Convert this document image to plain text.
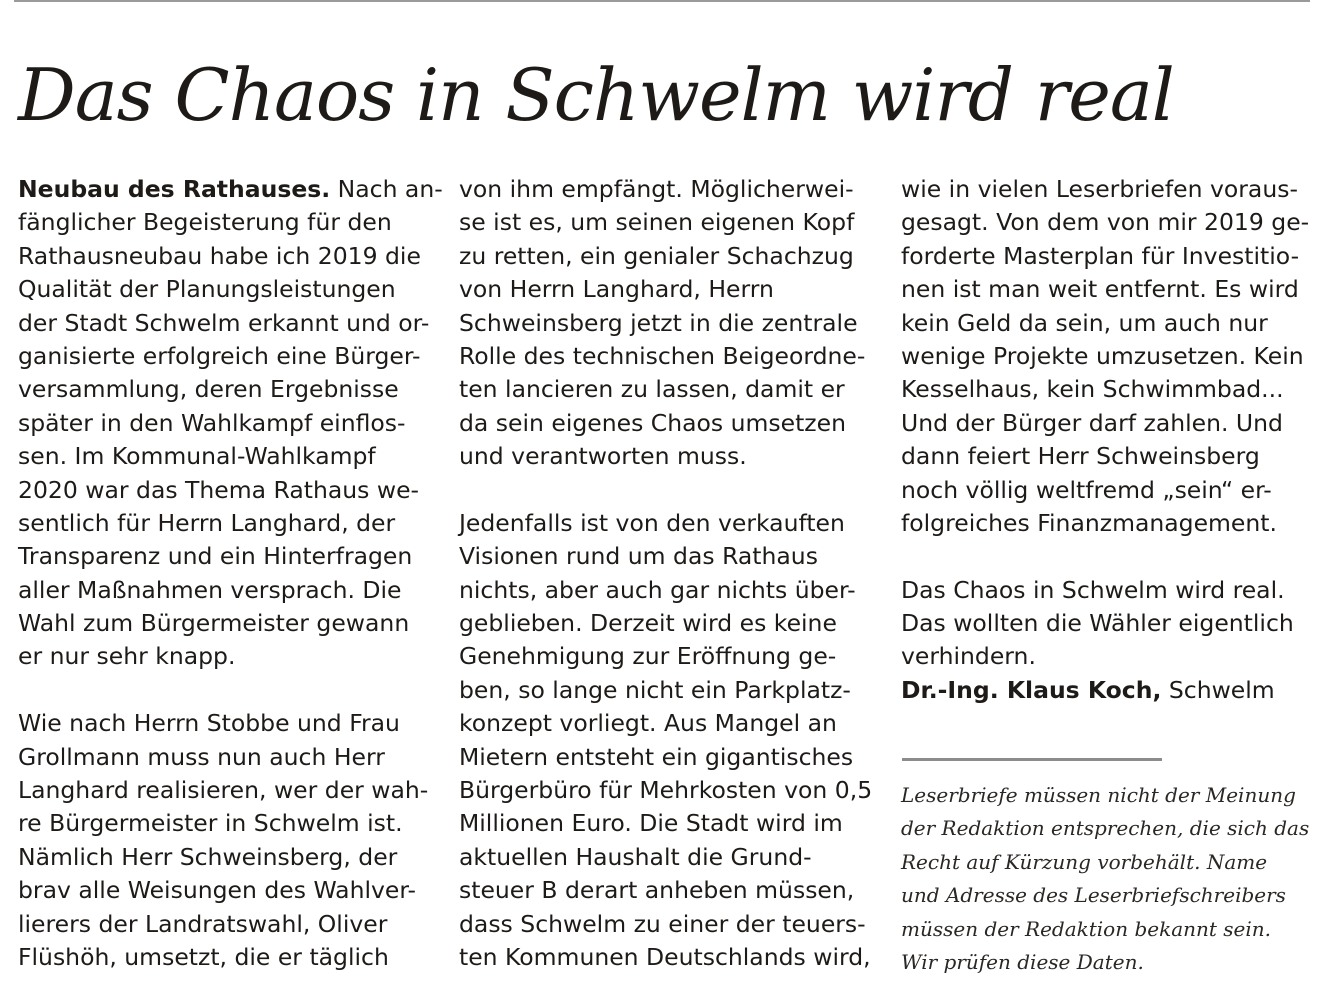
Das Chaos in Schwelm wird real
Neubau des Rathauses. Nach an-
fänglicher Begeisterung für den
Rathausneubau habe ich 2019 die
Qualität der Planungsleistungen
der Stadt Schwelm erkannt und or-
ganisierte erfolgreich eine Bürger-
versammlung, deren Ergebnisse
später in den Wahlkampf einflos-
sen. Im Kommunal-Wahlkampf
2020 war das Thema Rathaus we-
sentlich für Herrn Langhard, der
Transparenz und ein Hinterfragen
aller Maßnahmen versprach. Die
Wahl zum Bürgermeister gewann
er nur sehr knapp.
Wie nach Herrn Stobbe und Frau
Grollmann muss nun auch Herr
Langhard realisieren, wer der wah-
re Bürgermeister in Schwelm ist.
Nämlich Herr Schweinsberg, der
brav alle Weisungen des Wahlver-
lierers der Landratswahl, Oliver
Flüshöh, umsetzt, die er täglich
von ihm empfängt. Möglicherwei-
se ist es, um seinen eigenen Kopf
zu retten, ein genialer Schachzug
von Herrn Langhard, Herrn
Schweinsberg jetzt in die zentrale
Rolle des technischen Beigeordne-
ten lancieren zu lassen, damit er
da sein eigenes Chaos umsetzen
und verantworten muss.
Jedenfalls ist von den verkauften
Visionen rund um das Rathaus
nichts, aber auch gar nichts über-
geblieben. Derzeit wird es keine
Genehmigung zur Eröffnung ge-
ben, so lange nicht ein Parkplatz-
konzept vorliegt. Aus Mangel an
Mietern entsteht ein gigantisches
Bürgerbüro für Mehrkosten von 0,5
Millionen Euro. Die Stadt wird im
aktuellen Haushalt die Grund-
steuer B derart anheben müssen,
dass Schwelm zu einer der teuers-
ten Kommunen Deutschlands wird,
wie in vielen Leserbriefen voraus-
gesagt. Von dem von mir 2019 ge-
forderte Masterplan für Investitio-
nen ist man weit entfernt. Es wird
kein Geld da sein, um auch nur
wenige Projekte umzusetzen. Kein
Kesselhaus, kein Schwimmbad...
Und der Bürger darf zahlen. Und
dann feiert Herr Schweinsberg
noch völlig weltfremd „sein“ er-
folgreiches Finanzmanagement.
Das Chaos in Schwelm wird real.
Das wollten die Wähler eigentlich
verhindern.
Dr.-Ing. Klaus Koch, Schwelm
Leserbriefe müssen nicht der Meinung
der Redaktion entsprechen, die sich das
Recht auf Kürzung vorbehält. Name
und Adresse des Leserbriefschreibers
müssen der Redaktion bekannt sein.
Wir prüfen diese Daten.
